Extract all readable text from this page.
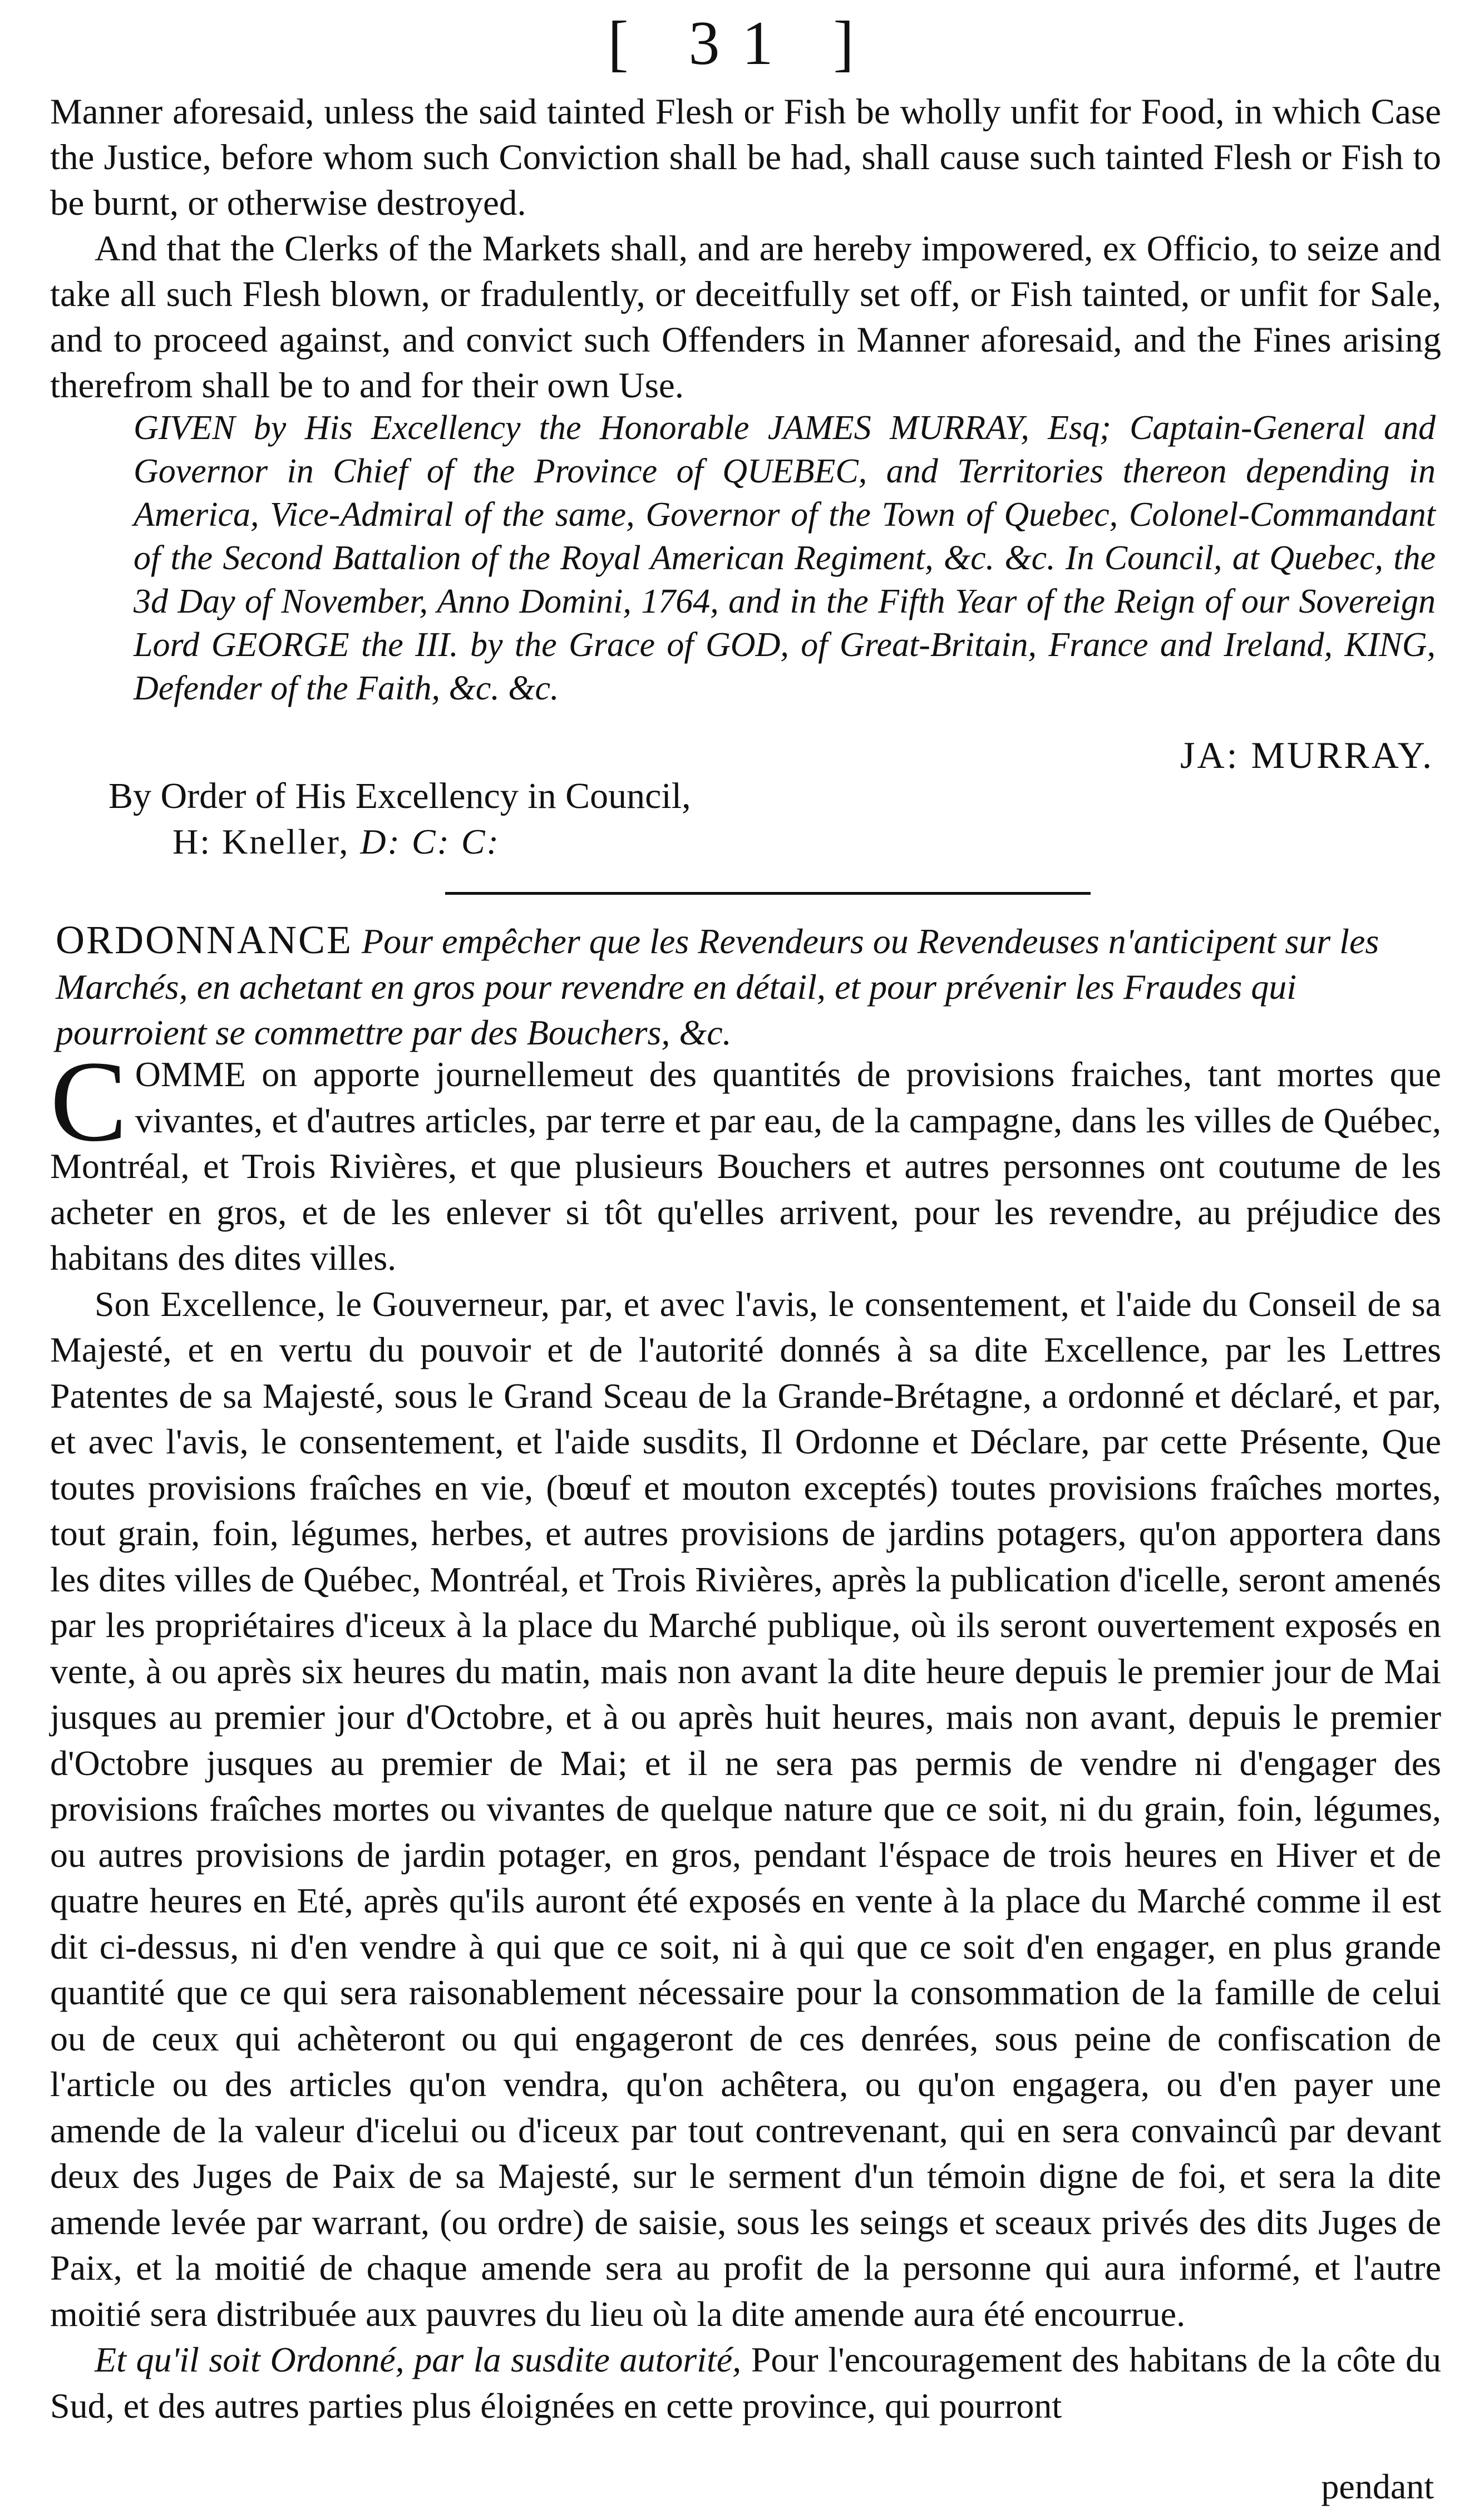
[ 31 ]

Manner aforesaid, unless the said tainted Flesh or Fish be wholly unfit for Food, in which Case the Justice, before whom such Conviction shall be had, shall cause such tainted Flesh or Fish to be burnt, or otherwise destroyed.

And that the Clerks of the Markets shall, and are hereby impowered, ex Officio, to seize and take all such Flesh blown, or fradulently, or deceitfully set off, or Fish tainted, or unfit for Sale, and to proceed against, and convict such Offenders in Manner aforesaid, and the Fines arising therefrom shall be to and for their own Use.

GIVEN by His Excellency the Honorable JAMES MURRAY, Esq; Captain-General and Governor in Chief of the Province of QUEBEC, and Territories thereon depending in America, Vice-Admiral of the same, Governor of the Town of Quebec, Colonel-Commandant of the Second Battalion of the Royal American Regiment, &c. &c. In Council, at Quebec, the 3d Day of November, Anno Domini, 1764, and in the Fifth Year of the Reign of our Sovereign Lord GEORGE the III. by the Grace of GOD, of Great-Britain, France and Ireland, KING, Defender of the Faith, &c. &c.

JA: MURRAY.
By Order of His Excellency in Council,
H: Kneller, D: C: C:
ORDONNANCE Pour empêcher que les Revendeurs ou Revendeuses n'anticipent sur les Marchés, en achetant en gros pour revendre en détail, et pour prévenir les Fraudes qui pourroient se commettre par des Bouchers, &c.

COMME on apporte journellemeut des quantités de provisions fraiches, tant mortes que vivantes, et d'autres articles, par terre et par eau, de la campagne, dans les villes de Québec, Montréal, et Trois Rivières, et que plusieurs Bouchers et autres personnes ont coutume de les acheter en gros, et de les enlever si tôt qu'elles arrivent, pour les revendre, au préjudice des habitans des dites villes.

Son Excellence, le Gouverneur, par, et avec l'avis, le consentement, et l'aide du Conseil de sa Majesté, et en vertu du pouvoir et de l'autorité donnés à sa dite Excellence, par les Lettres Patentes de sa Majesté, sous le Grand Sceau de la Grande-Brétagne, a ordonné et déclaré, et par, et avec l'avis, le consentement, et l'aide susdits, Il Ordonne et Déclare, par cette Présente, Que toutes provisions fraîches en vie, (bœuf et mouton exceptés) toutes provisions fraîches mortes, tout grain, foin, légumes, herbes, et autres provisions de jardins potagers, qu'on apportera dans les dites villes de Québec, Montréal, et Trois Rivières, après la publication d'icelle, seront amenés par les propriétaires d'iceux à la place du Marché publique, où ils seront ouvertement exposés en vente, à ou après six heures du matin, mais non avant la dite heure depuis le premier jour de Mai jusques au premier jour d'Octobre, et à ou après huit heures, mais non avant, depuis le premier d'Octobre jusques au premier de Mai; et il ne sera pas permis de vendre ni d'engager des provisions fraîches mortes ou vivantes de quelque nature que ce soit, ni du grain, foin, légumes, ou autres provisions de jardin potager, en gros, pendant l'éspace de trois heures en Hiver et de quatre heures en Eté, après qu'ils auront été exposés en vente à la place du Marché comme il est dit ci-dessus, ni d'en vendre à qui que ce soit, ni à qui que ce soit d'en engager, en plus grande quantité que ce qui sera raisonablement nécessaire pour la consommation de la famille de celui ou de ceux qui achèteront ou qui engageront de ces denrées, sous peine de confiscation de l'article ou des articles qu'on vendra, qu'on achêtera, ou qu'on engagera, ou d'en payer une amende de la valeur d'icelui ou d'iceux par tout contrevenant, qui en sera convaincû par devant deux des Juges de Paix de sa Majesté, sur le serment d'un témoin digne de foi, et sera la dite amende levée par warrant, (ou ordre) de saisie, sous les seings et sceaux privés des dits Juges de Paix, et la moitié de chaque amende sera au profit de la personne qui aura informé, et l'autre moitié sera distribuée aux pauvres du lieu où la dite amende aura été encourrue.

Et qu'il soit Ordonné, par la susdite autorité, Pour l'encouragement des habitans de la côte du Sud, et des autres parties plus éloignées en cette province, qui pourront

pendant
